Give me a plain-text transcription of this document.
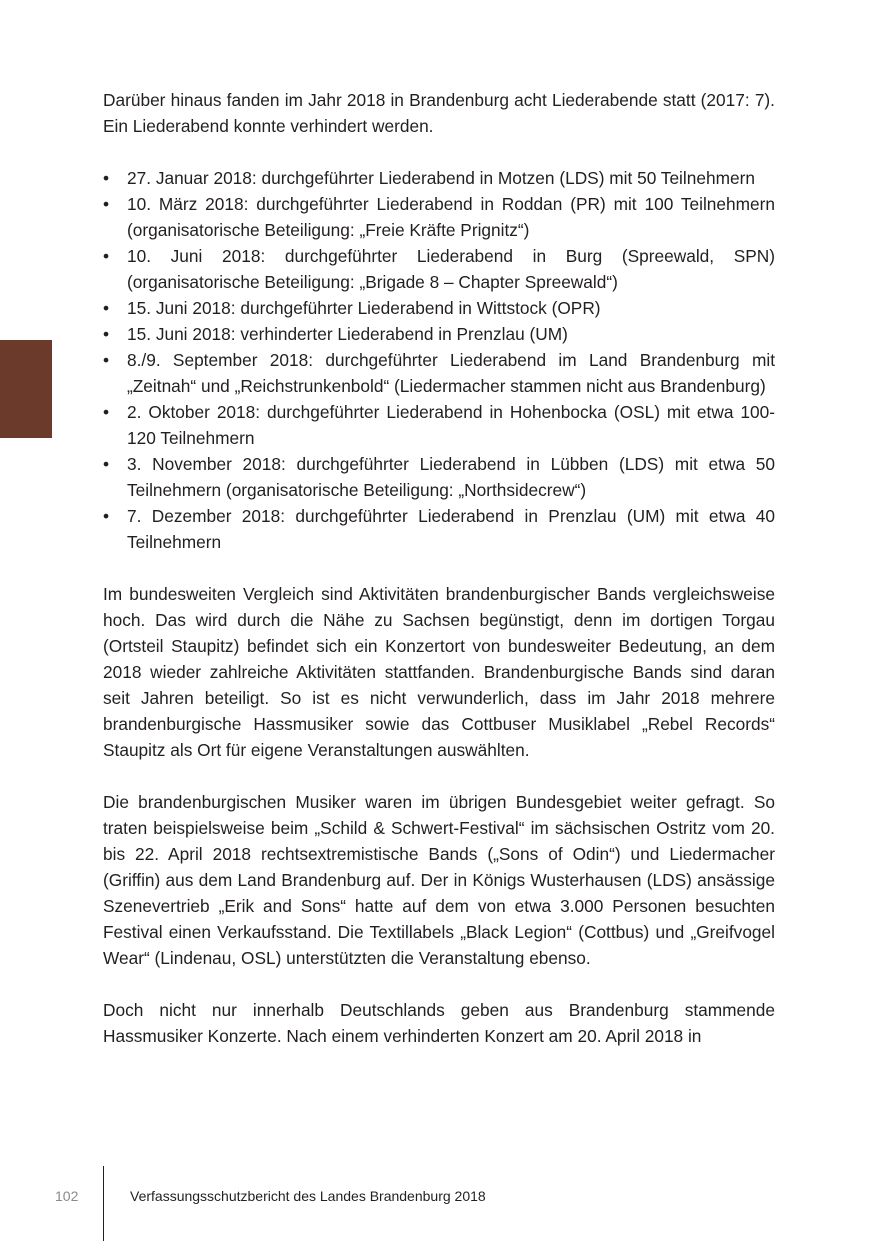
Darüber hinaus fanden im Jahr 2018 in Brandenburg acht Liederabende statt (2017: 7). Ein Liederabend konnte verhindert werden.

• 27. Januar 2018: durchgeführter Liederabend in Motzen (LDS) mit 50 Teilnehmern
• 10. März 2018: durchgeführter Liederabend in Roddan (PR) mit 100 Teilnehmern (organisatorische Beteiligung: „Freie Kräfte Prignitz“)
• 10. Juni 2018: durchgeführter Liederabend in Burg (Spreewald, SPN) (organisatorische Beteiligung: „Brigade 8 – Chapter Spreewald“)
• 15. Juni 2018: durchgeführter Liederabend in Wittstock (OPR)
• 15. Juni 2018: verhinderter Liederabend in Prenzlau (UM)
• 8./9. September 2018: durchgeführter Liederabend im Land Brandenburg mit „Zeitnah“ und „Reichstrunkenbold“ (Liedermacher stammen nicht aus Brandenburg)
• 2. Oktober 2018: durchgeführter Liederabend in Hohenbocka (OSL) mit etwa 100-120 Teilnehmern
• 3. November 2018: durchgeführter Liederabend in Lübben (LDS) mit etwa 50 Teilnehmern (organisatorische Beteiligung: „Northsidecrew“)
• 7. Dezember 2018: durchgeführter Liederabend in Prenzlau (UM) mit etwa 40 Teilnehmern

Im bundesweiten Vergleich sind Aktivitäten brandenburgischer Bands vergleichsweise hoch. Das wird durch die Nähe zu Sachsen begünstigt, denn im dortigen Torgau (Ortsteil Staupitz) befindet sich ein Konzertort von bundesweiter Bedeutung, an dem 2018 wieder zahlreiche Aktivitäten stattfanden. Brandenburgische Bands sind daran seit Jahren beteiligt. So ist es nicht verwunderlich, dass im Jahr 2018 mehrere brandenburgische Hassmusiker sowie das Cottbuser Musiklabel „Rebel Records“ Staupitz als Ort für eigene Veranstaltungen auswählten.

Die brandenburgischen Musiker waren im übrigen Bundesgebiet weiter gefragt. So traten beispielsweise beim „Schild & Schwert-Festival“ im sächsischen Ostritz vom 20. bis 22. April 2018 rechtsextremistische Bands („Sons of Odin“) und Liedermacher (Griffin) aus dem Land Brandenburg auf. Der in Königs Wusterhausen (LDS) ansässige Szenevertrieb „Erik and Sons“ hatte auf dem von etwa 3.000 Personen besuchten Festival einen Verkaufsstand. Die Textillabels „Black Legion“ (Cottbus) und „Greifvogel Wear“ (Lindenau, OSL) unterstützten die Veranstaltung ebenso.

Doch nicht nur innerhalb Deutschlands geben aus Brandenburg stammende Hassmusiker Konzerte. Nach einem verhinderten Konzert am 20. April 2018 in

102	Verfassungsschutzbericht des Landes Brandenburg 2018
